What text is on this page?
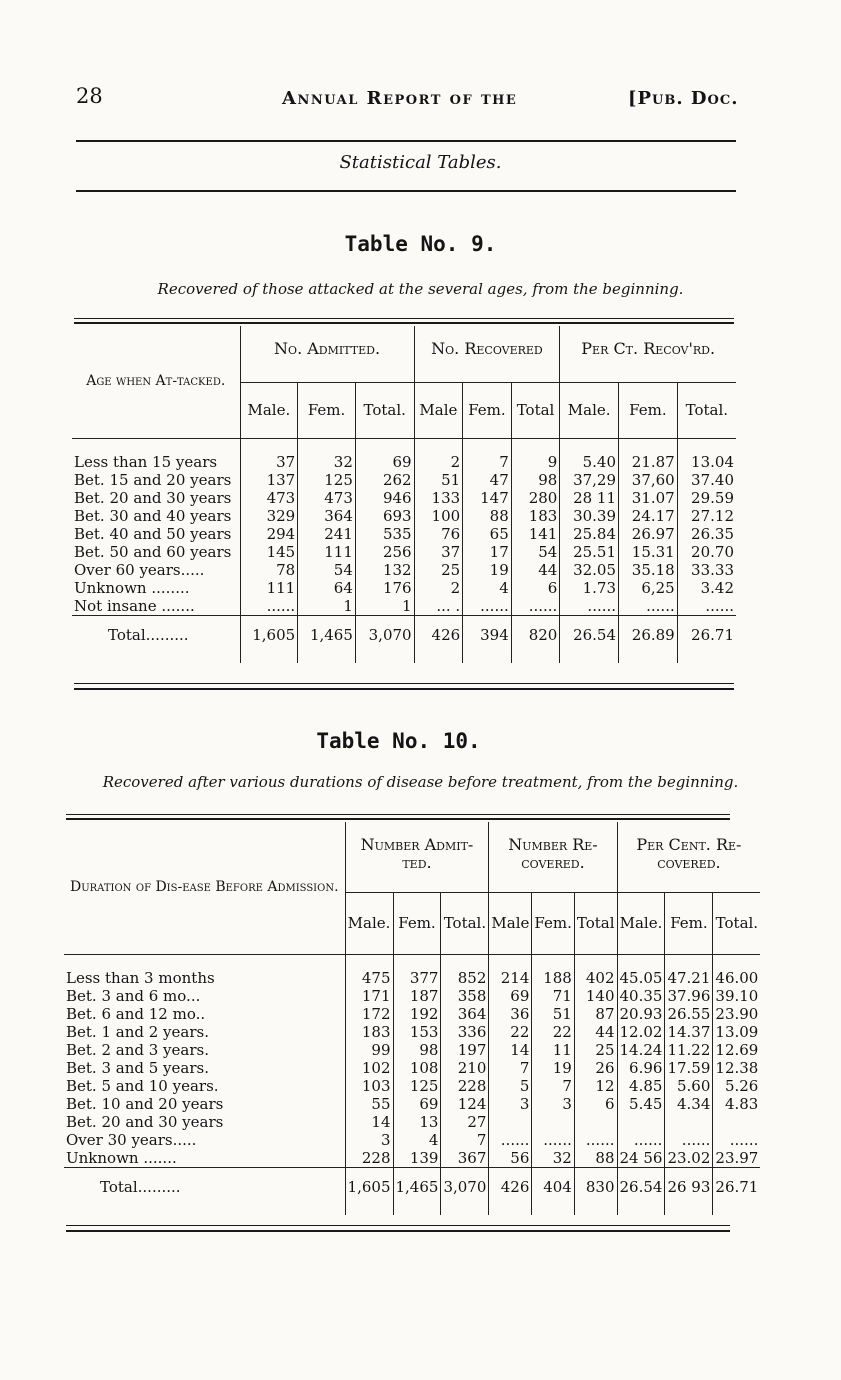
28	Annual Report of the	[Pub. Doc.
Statistical Tables.
Table No. 9.
Recovered of those attacked at the several ages, from the beginning.
Age when At-tacked.	No. Admitted.			No. Recovered			Per Ct. Recov'rd.		
	Male.	Fem.	Total.	Male	Fem.	Total	Male.	Fem.	Total.

Less than 15 years	37	32	69	2	7	9	5.40	21.87	13.04
Bet. 15 and 20 years	137	125	262	51	47	98	37,29	37,60	37.40
Bet. 20 and 30 years	473	473	946	133	147	280	28 11	31.07	29.59
Bet. 30 and 40 years	329	364	693	100	88	183	30.39	24.17	27.12
Bet. 40 and 50 years	294	241	535	76	65	141	25.84	26.97	26.35
Bet. 50 and 60 years	145	111	256	37	17	54	25.51	15.31	20.70
Over 60 years.....	78	54	132	25	19	44	32.05	35.18	33.33
Unknown ........	111	64	176	2	4	6	1.73	6,25	3.42
Not insane .......	......	1	1	... .	......	......	......	......	......
Total.........	1,605	1,465	3,070	426	394	820	26.54	26.89	26.71

Table No. 10.
Recovered after various durations of disease before treatment, from the beginning.
Duration of Dis-ease Before Admission.	Number Admit-ted.			Number Re-covered.			Per Cent. Re-covered.		
	Male.	Fem.	Total.	Male	Fem.	Total	Male.	Fem.	Total.

Less than 3 months	475	377	852	214	188	402	45.05	47.21	46.00
Bet. 3 and 6 mo...	171	187	358	69	71	140	40.35	37.96	39.10
Bet. 6 and 12 mo..	172	192	364	36	51	87	20.93	26.55	23.90
Bet. 1 and 2 years.	183	153	336	22	22	44	12.02	14.37	13.09
Bet. 2 and 3 years.	99	98	197	14	11	25	14.24	11.22	12.69
Bet. 3 and 5 years.	102	108	210	7	19	26	6.96	17.59	12.38
Bet. 5 and 10 years.	103	125	228	5	7	12	4.85	5.60	5.26
Bet. 10 and 20 years	55	69	124	3	3	6	5.45	4.34	4.83
Bet. 20 and 30 years	14	13	27						
Over 30 years.....	3	4	7	......	......	......	......	......	......
Unknown .......	228	139	367	56	32	88	24 56	23.02	23.97
Total.........	1,605	1,465	3,070	426	404	830	26.54	26 93	26.71
